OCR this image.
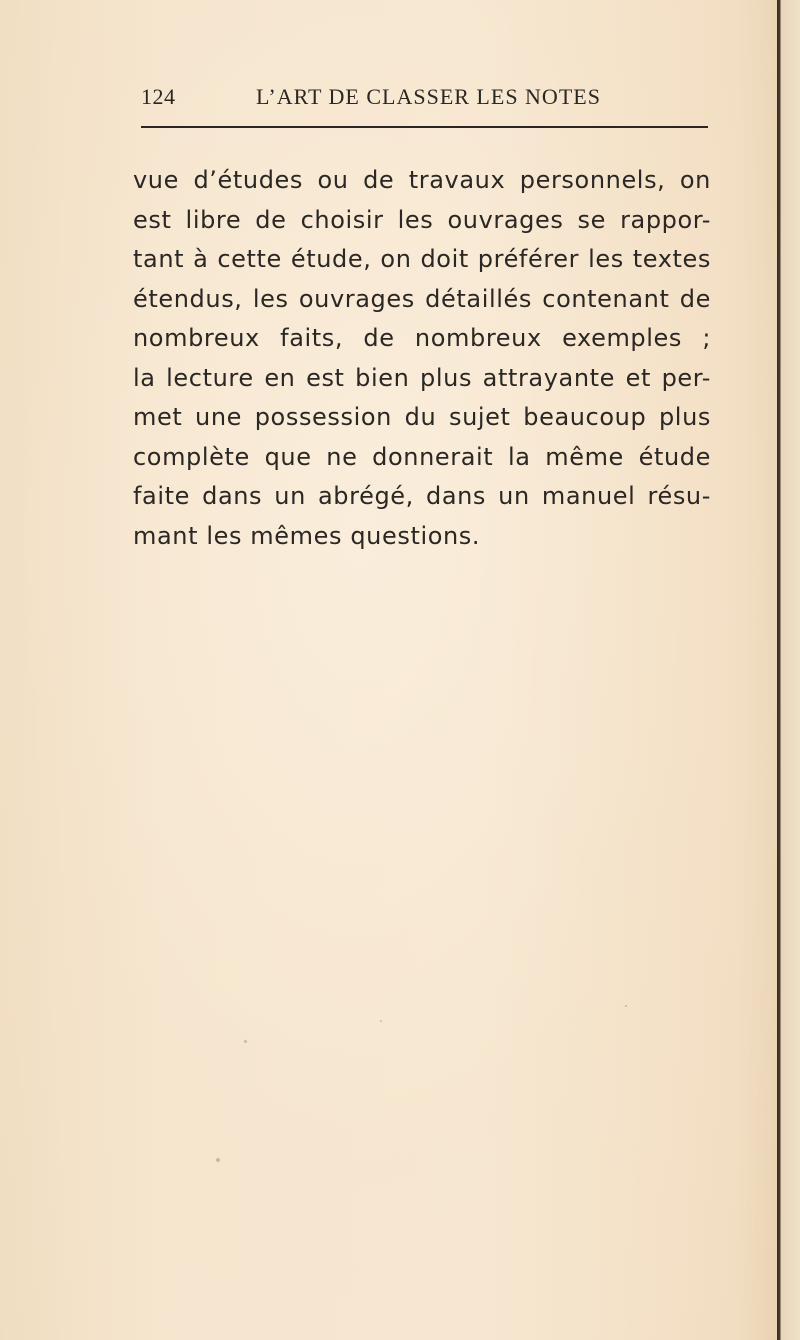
124	L’ART DE CLASSER LES NOTES
vue d’études ou de travaux personnels, on
est libre de choisir les ouvrages se rappor-
tant à cette étude, on doit préférer les textes
étendus, les ouvrages détaillés contenant de
nombreux faits, de nombreux exemples ;
la lecture en est bien plus attrayante et per-
met une possession du sujet beaucoup plus
complète que ne donnerait la même étude
faite dans un abrégé, dans un manuel résu-
mant les mêmes questions.
